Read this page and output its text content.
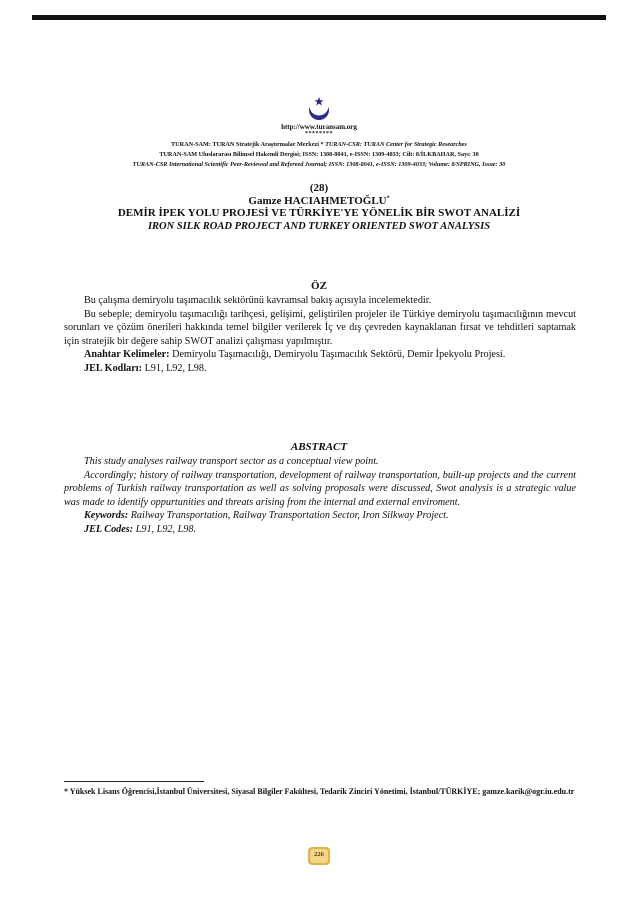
http://www.turansam.org
********
TURAN-SAM: TURAN Stratejik Araştırmalar Merkezi * TURAN-CSR: TURAN Center for Strategic Researches
TURAN-SAM Uluslararası Bilimsel Hakemli Dergisi; ISSN: 1308-8041, e-ISSN: 1309-4033; Cilt: 8/İLKBAHAR, Sayı: 30
TURAN-CSR International Scientific Peer-Reviewed and Refereed Journal; ISSN: 1308-8041, e-ISSN: 1309-4033; Volume: 8/SPRING, Issue: 30
(28)
Gamze HACIAHMETOĞLU*
DEMİR İPEK YOLU PROJESİ VE TÜRKİYE'YE YÖNELİK BİR SWOT ANALİZİ
IRON SILK ROAD PROJECT AND TURKEY ORIENTED SWOT ANALYSIS
ÖZ

Bu çalışma demiryolu taşımacılık sektörünü kavramsal bakış açısıyla incelemektedir.

Bu sebeple; demiryolu taşımacılığı tarihçesi, gelişimi, geliştirilen projeler ile Türkiye demiryolu taşımacılığının mevcut sorunları ve çözüm önerileri hakkında temel bilgiler verilerek İç ve dış çevreden kaynaklanan fırsat ve tehditleri saptamak için stratejik bir değere sahip SWOT analizi çalışması yapılmıştır.

Anahtar Kelimeler: Demiryolu Taşımacılığı, Demiryolu Taşımacılık Sektörü, Demir İpekyolu Projesi.

JEL Kodları: L91, L92, L98.

ABSTRACT

This study analyses railway transport sector as a conceptual view point.

Accordingly; history of railway transportation, development of railway transportation, built-up projects and the current problems of Turkish railway transportation as well as solving proposals were discussed, Swot analysis is a strategic value was made to identify oppurtunities and threats arising from the internal and external enviroment.

Keywords: Railway Transportation, Railway Transportation Sector, Iron Silkway Project.

JEL Codes: L91, L92, L98.

* Yüksek Lisans Öğrencisi,İstanbul Üniversitesi, Siyasal Bilgiler Fakültesi, Tedarik Zinciri Yönetimi, İstanbul/TÜRKİYE; gamze.karik@ogr.iu.edu.tr
226
